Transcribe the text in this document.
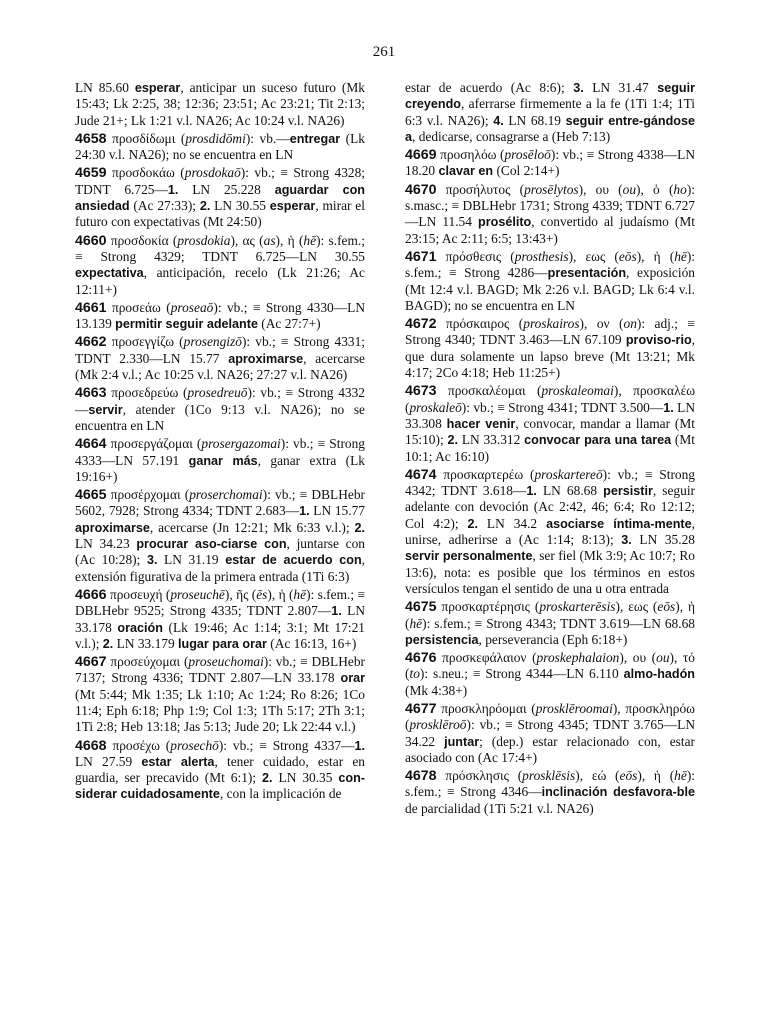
261
LN 85.60 esperar, anticipar un suceso futuro (Mk 15:43; Lk 2:25, 38; 12:36; 23:51; Ac 23:21; Tit 2:13; Jude 21+; Lk 1:21 v.l. NA26; Ac 10:24 v.l. NA26)
4658 προσδίδωμι (prosdidōmi): vb.—entregar (Lk 24:30 v.l. NA26); no se encuentra en LN
4659 προσδοκάω (prosdokaō): vb.; ≡ Strong 4328; TDNT 6.725—1. LN 25.228 aguardar con ansiedad (Ac 27:33); 2. LN 30.55 esperar, mirar el futuro con expectativas (Mt 24:50)
4660 προσδοκία (prosdokia), ας (as), ἡ (hē): s.fem.; ≡ Strong 4329; TDNT 6.725—LN 30.55 expectativa, anticipación, recelo (Lk 21:26; Ac 12:11+)
4661 προσεάω (proseaō): vb.; ≡ Strong 4330—LN 13.139 permitir seguir adelante (Ac 27:7+)
4662 προσεγγίζω (prosengizō): vb.; ≡ Strong 4331; TDNT 2.330—LN 15.77 aproximarse, acercarse (Mk 2:4 v.l.; Ac 10:25 v.l. NA26; 27:27 v.l. NA26)
4663 προσεδρεύω (prosedreuō): vb.; ≡ Strong 4332—servir, atender (1Co 9:13 v.l. NA26); no se encuentra en LN
4664 προσεργάζομαι (prosergazomai): vb.; ≡ Strong 4333—LN 57.191 ganar más, ganar extra (Lk 19:16+)
4665 προσέρχομαι (proserchomai): vb.; ≡ DBLHebr 5602, 7928; Strong 4334; TDNT 2.683—1. LN 15.77 aproximarse, acercarse (Jn 12:21; Mk 6:33 v.l.); 2. LN 34.23 procurar aso-ciarse con, juntarse con (Ac 10:28); 3. LN 31.19 estar de acuerdo con, extensión figurativa de la primera entrada (1Ti 6:3)
4666 προσευχή (proseuchē), ῆς (ēs), ἡ (hē): s.fem.; ≡ DBLHebr 9525; Strong 4335; TDNT 2.807—1. LN 33.178 oración (Lk 19:46; Ac 1:14; 3:1; Mt 17:21 v.l.); 2. LN 33.179 lugar para orar (Ac 16:13, 16+)
4667 προσεύχομαι (proseuchomai): vb.; ≡ DBLHebr 7137; Strong 4336; TDNT 2.807—LN 33.178 orar (Mt 5:44; Mk 1:35; Lk 1:10; Ac 1:24; Ro 8:26; 1Co 11:4; Eph 6:18; Php 1:9; Col 1:3; 1Th 5:17; 2Th 3:1; 1Ti 2:8; Heb 13:18; Jas 5:13; Jude 20; Lk 22:44 v.l.)
4668 προσέχω (prosechō): vb.; ≡ Strong 4337—1. LN 27.59 estar alerta, tener cuidado, estar en guardia, ser precavido (Mt 6:1); 2. LN 30.35 con-siderar cuidadosamente, con la implicación de
estar de acuerdo (Ac 8:6); 3. LN 31.47 seguir creyendo, aferrarse firmemente a la fe (1Ti 1:4; 1Ti 6:3 v.l. NA26); 4. LN 68.19 seguir entre-gándose a, dedicarse, consagrarse a (Heb 7:13)
4669 προσηλόω (prosēloō): vb.; ≡ Strong 4338—LN 18.20 clavar en (Col 2:14+)
4670 προσήλυτος (prosēlytos), ου (ou), ὁ (ho): s.masc.; ≡ DBLHebr 1731; Strong 4339; TDNT 6.727—LN 11.54 prosélito, convertido al judaísmo (Mt 23:15; Ac 2:11; 6:5; 13:43+)
4671 πρόσθεσις (prosthesis), εως (eōs), ἡ (hē): s.fem.; ≡ Strong 4286—presentación, exposición (Mt 12:4 v.l. BAGD; Mk 2:26 v.l. BAGD; Lk 6:4 v.l. BAGD); no se encuentra en LN
4672 πρόσκαιρος (proskairos), ον (on): adj.; ≡ Strong 4340; TDNT 3.463—LN 67.109 proviso-rio, que dura solamente un lapso breve (Mt 13:21; Mk 4:17; 2Co 4:18; Heb 11:25+)
4673 προσκαλέομαι (proskaleomai), προσκαλέω (proskaleō): vb.; ≡ Strong 4341; TDNT 3.500—1. LN 33.308 hacer venir, convocar, mandar a llamar (Mt 15:10); 2. LN 33.312 convocar para una tarea (Mt 10:1; Ac 16:10)
4674 προσκαρτερέω (proskartereō): vb.; ≡ Strong 4342; TDNT 3.618—1. LN 68.68 persistir, seguir adelante con devoción (Ac 2:42, 46; 6:4; Ro 12:12; Col 4:2); 2. LN 34.2 asociarse íntima-mente, unirse, adherirse a (Ac 1:14; 8:13); 3. LN 35.28 servir personalmente, ser fiel (Mk 3:9; Ac 10:7; Ro 13:6), nota: es posible que los términos en estos versículos tengan el sentido de una u otra entrada
4675 προσκαρτέρησις (proskarterēsis), εως (eōs), ἡ (hē): s.fem.; ≡ Strong 4343; TDNT 3.619—LN 68.68 persistencia, perseverancia (Eph 6:18+)
4676 προσκεφάλαιον (proskephalaion), ου (ou), τό (to): s.neu.; ≡ Strong 4344—LN 6.110 almo-hadón (Mk 4:38+)
4677 προσκληρόομαι (prosklēroomai), προσκληρόω (prosklēroō): vb.; ≡ Strong 4345; TDNT 3.765—LN 34.22 juntar; (dep.) estar relacionado con, estar asociado con (Ac 17:4+)
4678 πρόσκλησις (prosklēsis), εώ (eōs), ἡ (hē): s.fem.; ≡ Strong 4346—inclinación desfavora-ble de parcialidad (1Ti 5:21 v.l. NA26)
